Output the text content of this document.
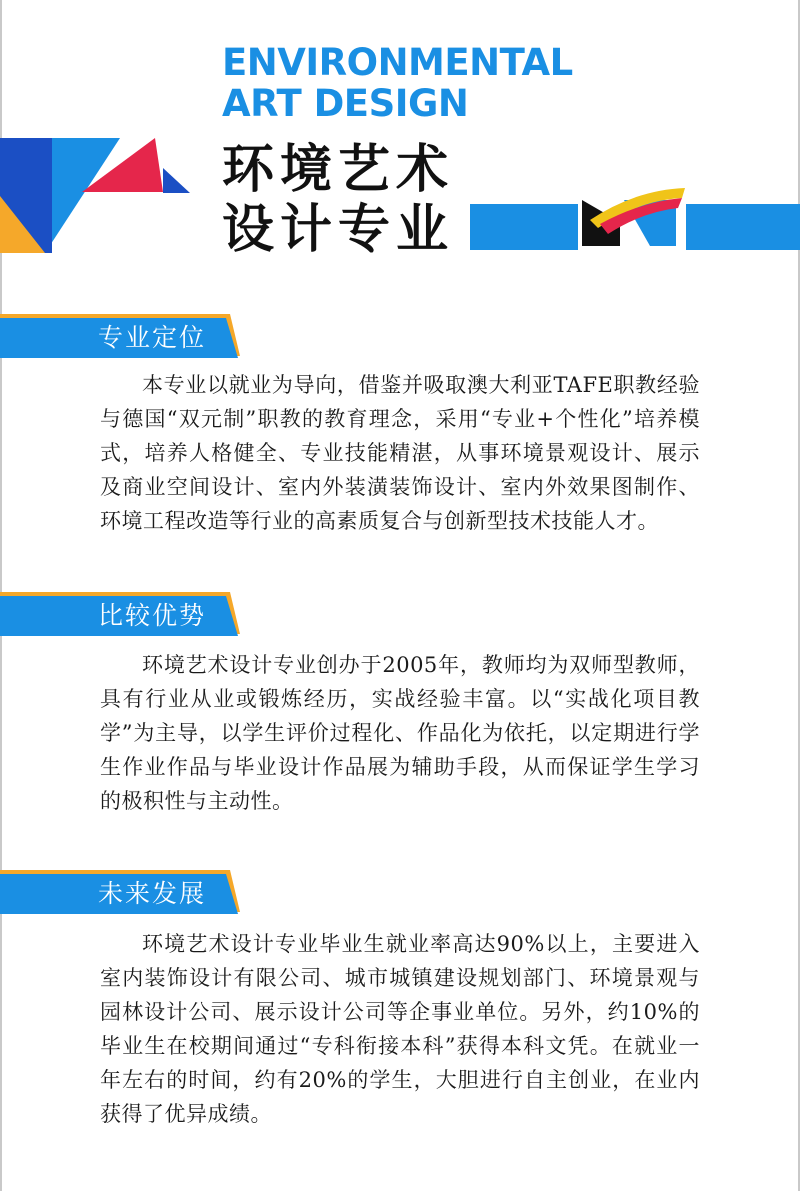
ENVIRONMENTAL
ART DESIGN
环境艺术
设计专业
专业定位

本专业以就业为导向，借鉴并吸取澳大利亚TAFE职教经验与德国“双元制”职教的教育理念，采用“专业+个性化”培养模式，培养人格健全、专业技能精湛，从事环境景观设计、展示及商业空间设计、室内外装潢装饰设计、室内外效果图制作、环境工程改造等行业的高素质复合与创新型技术技能人才。

比较优势

环境艺术设计专业创办于2005年，教师均为双师型教师，具有行业从业或锻炼经历，实战经验丰富。以“实战化项目教学”为主导，以学生评价过程化、作品化为依托，以定期进行学生作业作品与毕业设计作品展为辅助手段，从而保证学生学习的极积性与主动性。

未来发展

环境艺术设计专业毕业生就业率高达90%以上，主要进入室内装饰设计有限公司、城市城镇建设规划部门、环境景观与园林设计公司、展示设计公司等企事业单位。另外，约10%的毕业生在校期间通过“专科衔接本科”获得本科文凭。在就业一年左右的时间，约有20%的学生，大胆进行自主创业，在业内获得了优异成绩。
